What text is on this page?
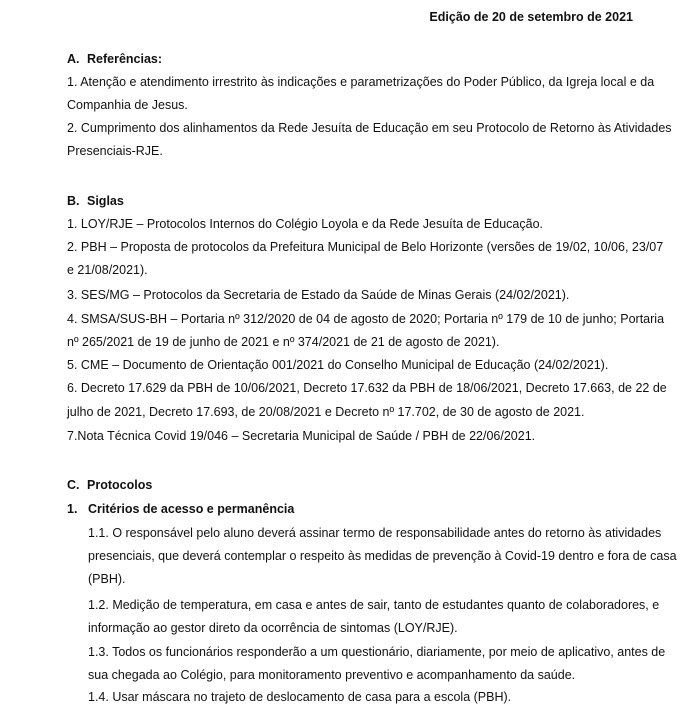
Edição de 20 de setembro de 2021
A. Referências:
1. Atenção e atendimento irrestrito às indicações e parametrizações do Poder Público, da Igreja local e da
Companhia de Jesus.
2. Cumprimento dos alinhamentos da Rede Jesuíta de Educação em seu Protocolo de Retorno às Atividades
Presenciais-RJE.
B. Siglas
1. LOY/RJE – Protocolos Internos do Colégio Loyola e da Rede Jesuíta de Educação.
2. PBH – Proposta de protocolos da Prefeitura Municipal de Belo Horizonte (versões de 19/02, 10/06, 23/07
e 21/08/2021).
3. SES/MG – Protocolos da Secretaria de Estado da Saúde de Minas Gerais (24/02/2021).
4. SMSA/SUS-BH – Portaria nº 312/2020 de 04 de agosto de 2020; Portaria nº 179 de 10 de junho; Portaria
nº 265/2021 de 19 de junho de 2021 e nº 374/2021 de 21 de agosto de 2021).
5. CME – Documento de Orientação 001/2021 do Conselho Municipal de Educação (24/02/2021).
6. Decreto 17.629 da PBH de 10/06/2021, Decreto 17.632 da PBH de 18/06/2021, Decreto 17.663, de 22 de
julho de 2021, Decreto 17.693, de 20/08/2021 e Decreto nº 17.702, de 30 de agosto de 2021.
7.Nota Técnica Covid 19/046 – Secretaria Municipal de Saúde / PBH de 22/06/2021.
C. Protocolos
1. Critérios de acesso e permanência
1.1. O responsável pelo aluno deverá assinar termo de responsabilidade antes do retorno às atividades
presenciais, que deverá contemplar o respeito às medidas de prevenção à Covid-19 dentro e fora de casa
(PBH).
1.2. Medição de temperatura, em casa e antes de sair, tanto de estudantes quanto de colaboradores, e
informação ao gestor direto da ocorrência de sintomas (LOY/RJE).
1.3. Todos os funcionários responderão a um questionário, diariamente, por meio de aplicativo, antes de
sua chegada ao Colégio, para monitoramento preventivo e acompanhamento da saúde.
1.4. Usar máscara no trajeto de deslocamento de casa para a escola (PBH).
